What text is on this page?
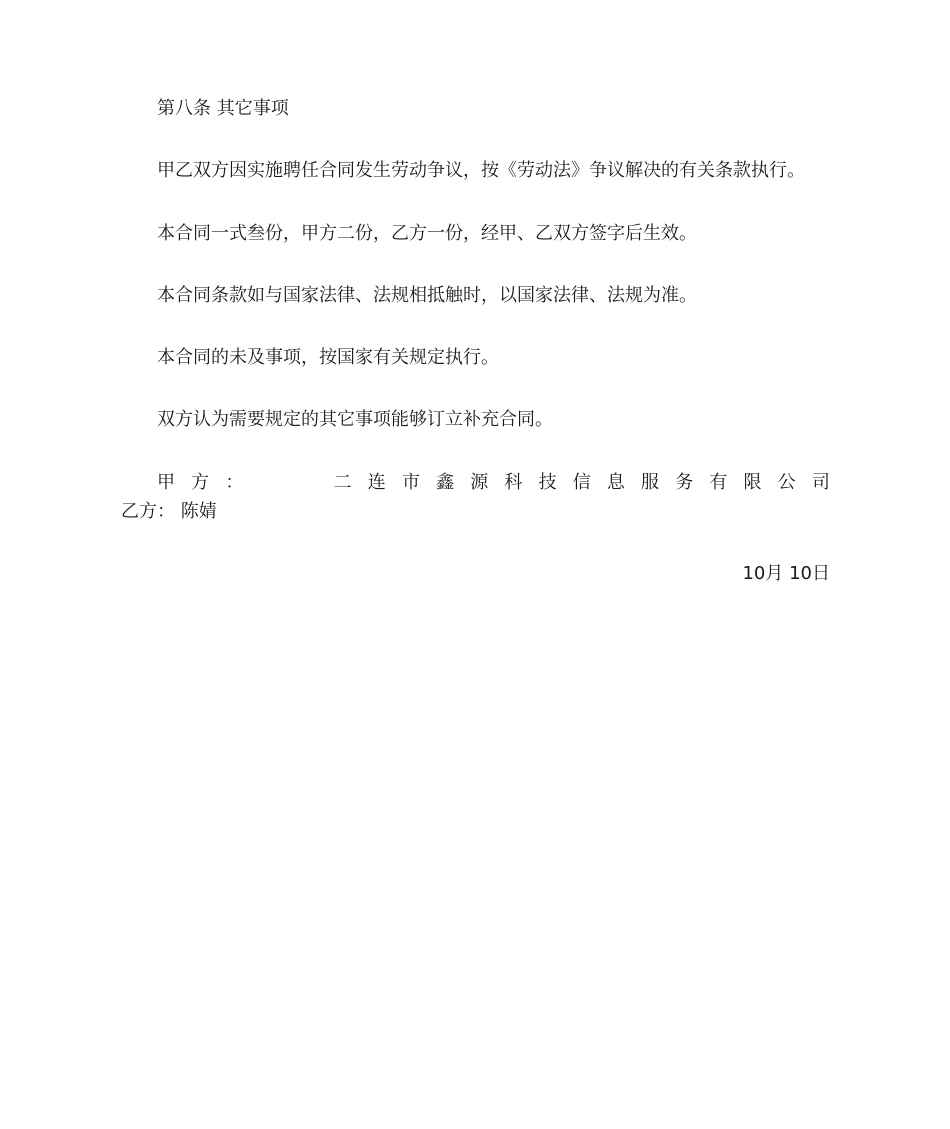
第八条 其它事项
甲乙双方因实施聘任合同发生劳动争议，按《劳动法》争议解决的有关条款执行。
本合同一式叁份，甲方二份，乙方一份，经甲、乙双方签字后生效。
本合同条款如与国家法律、法规相抵触时，以国家法律、法规为准。
本合同的未及事项，按国家有关规定执行。
双方认为需要规定的其它事项能够订立补充合同。
甲 方 ：	二 连 市 鑫 源 科 技 信 息 服 务 有 限 公 司
乙方： 陈婧
10月 10日
